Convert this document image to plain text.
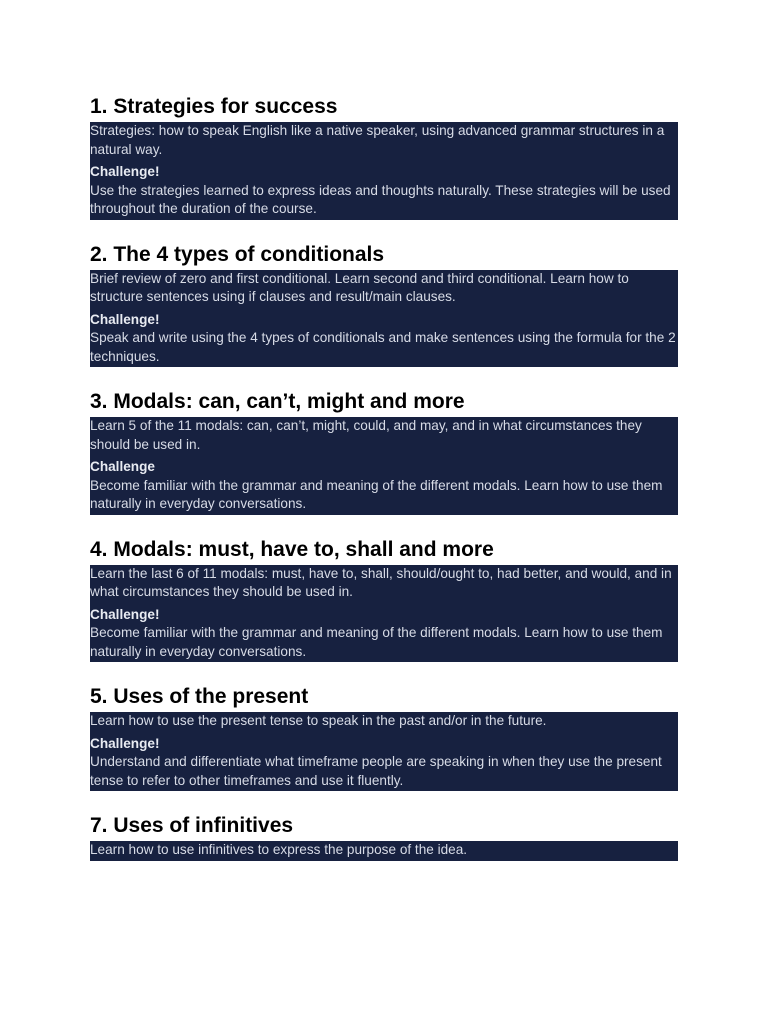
1. Strategies for success

Strategies: how to speak English like a native speaker, using advanced grammar structures in a natural way.

Challenge!

Use the strategies learned to express ideas and thoughts naturally. These strategies will be used throughout the duration of the course.

2. The 4 types of conditionals

Brief review of zero and first conditional. Learn second and third conditional. Learn how to structure sentences using if clauses and result/main clauses.

Challenge!

Speak and write using the 4 types of conditionals and make sentences using the formula for the 2 techniques.

3. Modals: can, can’t, might and more

Learn 5 of the 11 modals: can, can’t, might, could, and may, and in what circumstances they should be used in.

Challenge

Become familiar with the grammar and meaning of the different modals. Learn how to use them naturally in everyday conversations.

4. Modals: must, have to, shall and more

Learn the last 6 of 11 modals: must, have to, shall, should/ought to, had better, and would, and in what circumstances they should be used in.

Challenge!

Become familiar with the grammar and meaning of the different modals. Learn how to use them naturally in everyday conversations.

5. Uses of the present

Learn how to use the present tense to speak in the past and/or in the future.

Challenge!

Understand and differentiate what timeframe people are speaking in when they use the present tense to refer to other timeframes and use it fluently.

7. Uses of infinitives

Learn how to use infinitives to express the purpose of the idea.
